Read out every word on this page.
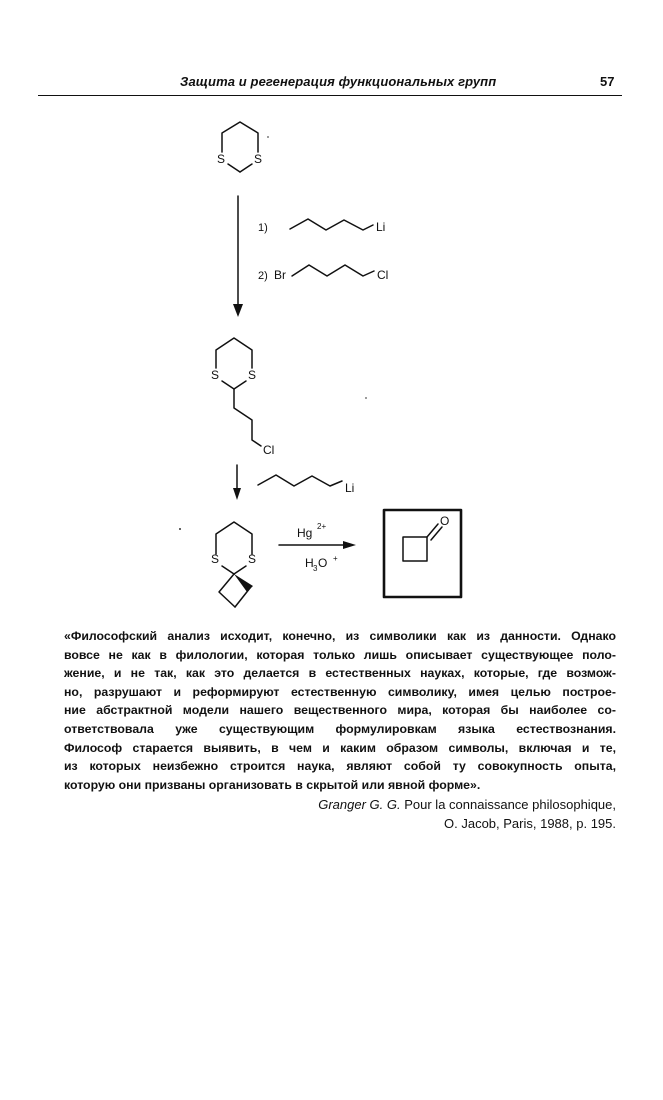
Защита и регенерация функциональных групп	57
S S
1)	Li
2) Br	Cl
S S
Cl
Li
S S
Hg 2+
H 3 O +
O

«Философский анализ исходит, конечно, из символики как из данности. Однако
вовсе не как в филологии, которая только лишь описывает существующее поло-
жение, и не так, как это делается в естественных науках, которые, где возмож-
но, разрушают и реформируют естественную символику, имея целью построе-
ние абстрактной модели нашего вещественного мира, которая бы наиболее со-
ответствовала уже существующим формулировкам языка естествознания.
Философ старается выявить, в чем и каким образом символы, включая и те,
из которых неизбежно строится наука, являют собой ту совокупность опыта,
которую они призваны организовать в скрытой или явной форме».

Granger G. G. Pour la connaissance philosophique,
O. Jacob, Paris, 1988, p. 195.
